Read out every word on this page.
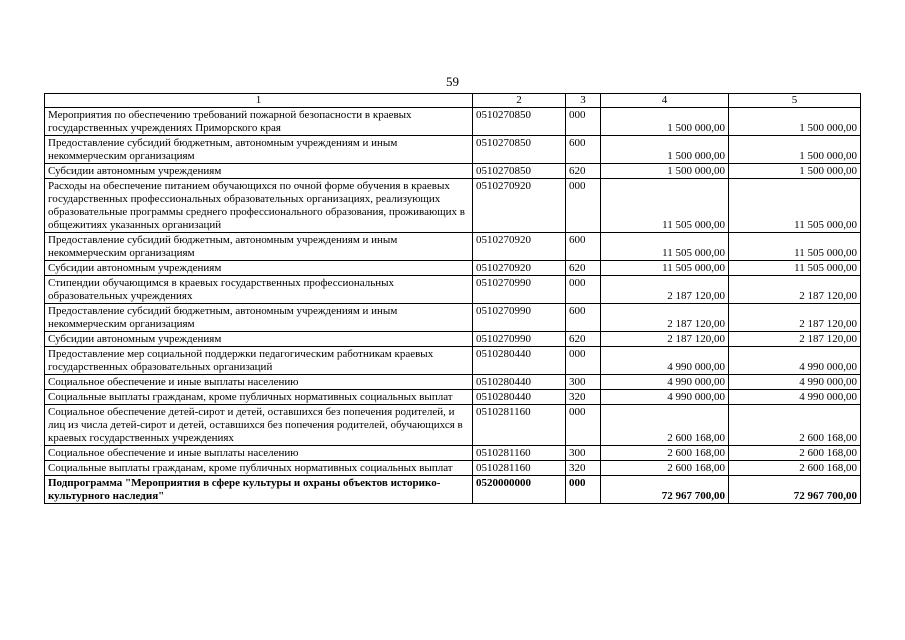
59
1	2	3	4	5
Мероприятия по обеспечению требований пожарной безопасности в краевых государственных учреждениях Приморского края	0510270850	000	1 500 000,00	1 500 000,00
Предоставление субсидий бюджетным, автономным учреждениям и иным некоммерческим организациям	0510270850	600	1 500 000,00	1 500 000,00
Субсидии автономным учреждениям	0510270850	620	1 500 000,00	1 500 000,00
Расходы на обеспечение питанием обучающихся по очной форме обучения в краевых государственных профессиональных образовательных организациях, реализующих образовательные программы среднего профессионального образования, проживающих в общежитиях указанных организаций	0510270920	000	11 505 000,00	11 505 000,00
Предоставление субсидий бюджетным, автономным учреждениям и иным некоммерческим организациям	0510270920	600	11 505 000,00	11 505 000,00
Субсидии автономным учреждениям	0510270920	620	11 505 000,00	11 505 000,00
Стипендии обучающимся в краевых государственных профессиональных образовательных учреждениях	0510270990	000	2 187 120,00	2 187 120,00
Предоставление субсидий бюджетным, автономным учреждениям и иным некоммерческим организациям	0510270990	600	2 187 120,00	2 187 120,00
Субсидии автономным учреждениям	0510270990	620	2 187 120,00	2 187 120,00
Предоставление мер социальной поддержки педагогическим работникам краевых государственных образовательных организаций	0510280440	000	4 990 000,00	4 990 000,00
Социальное обеспечение и иные выплаты населению	0510280440	300	4 990 000,00	4 990 000,00
Социальные выплаты гражданам, кроме публичных нормативных социальных выплат	0510280440	320	4 990 000,00	4 990 000,00
Социальное обеспечение детей-сирот и детей, оставшихся без попечения родителей, и лиц из числа детей-сирот и детей, оставшихся без попечения родителей, обучающихся в краевых государственных учреждениях	0510281160	000	2 600 168,00	2 600 168,00
Социальное обеспечение и иные выплаты населению	0510281160	300	2 600 168,00	2 600 168,00
Социальные выплаты гражданам, кроме публичных нормативных социальных выплат	0510281160	320	2 600 168,00	2 600 168,00
Подпрограмма "Мероприятия в сфере культуры и охраны объектов историко-культурного наследия"	0520000000	000	72 967 700,00	72 967 700,00
